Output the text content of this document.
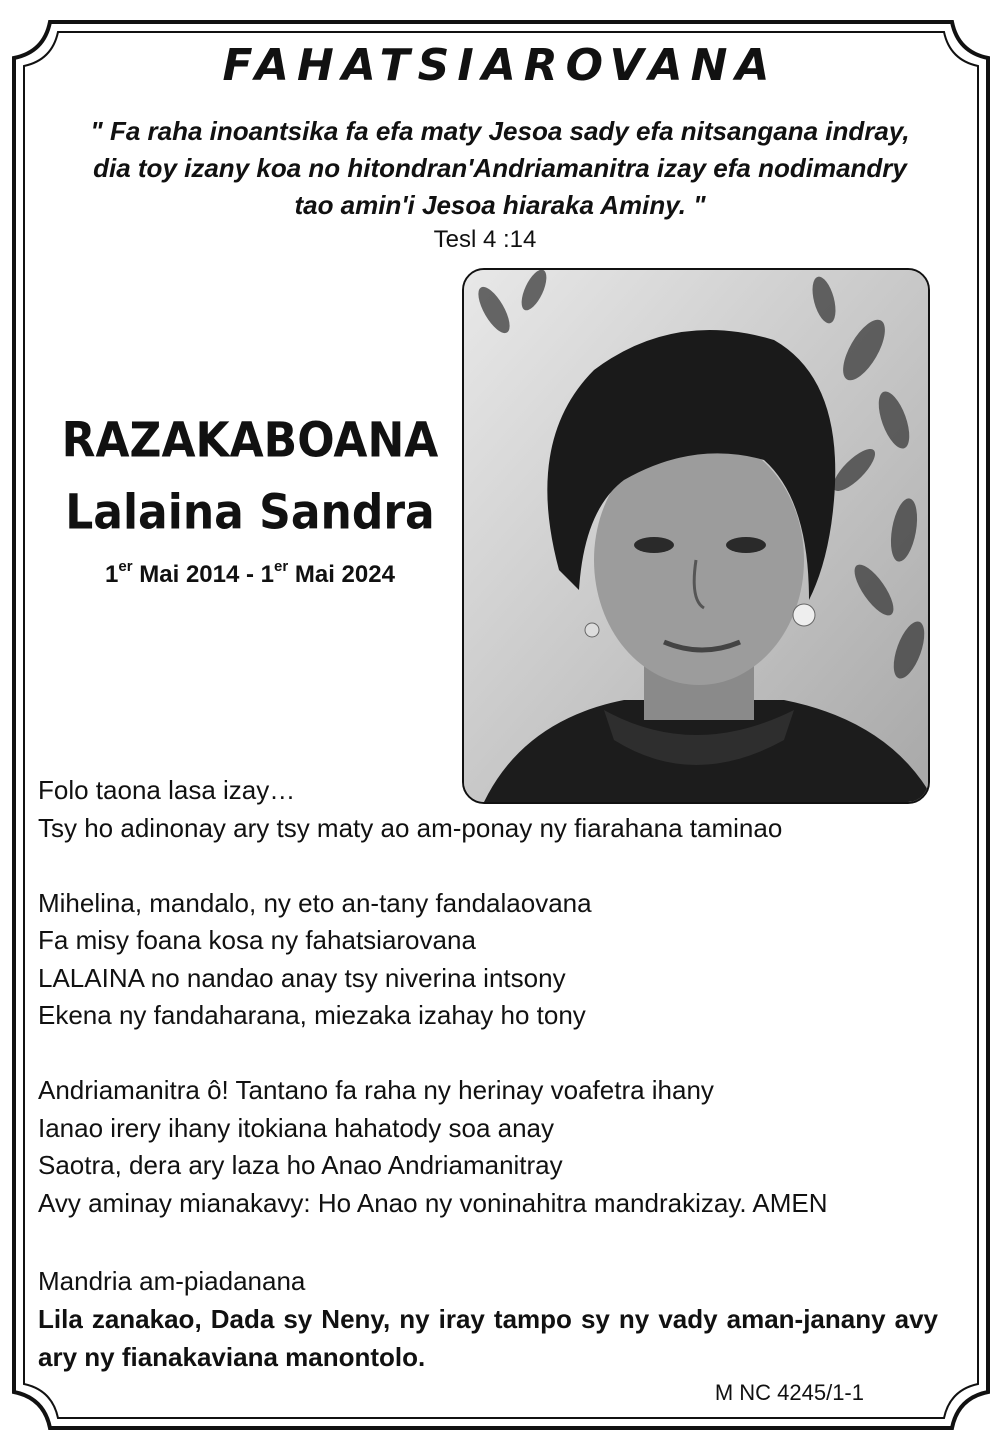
FAHATSIAROVANA
" Fa raha inoantsika fa efa maty Jesoa sady efa nitsangana indray,
dia toy izany koa no hitondran'Andriamanitra izay efa nodimandry
tao amin'i Jesoa hiaraka Aminy. "
Tesl 4 :14
RAZAKABOANA
Lalaina Sandra
1er Mai 2014 - 1er Mai 2024
Folo taona lasa izay…
Tsy ho adinonay ary tsy maty ao am-ponay ny fiarahana taminao
Mihelina, mandalo, ny eto an-tany fandalaovana
Fa misy foana kosa ny fahatsiarovana
LALAINA no nandao anay tsy niverina intsony
Ekena ny fandaharana, miezaka izahay ho tony
Andriamanitra ô! Tantano fa raha ny herinay voafetra ihany
Ianao irery ihany itokiana hahatody soa anay
Saotra, dera ary laza ho Anao Andriamanitray
Avy aminay mianakavy: Ho Anao ny voninahitra mandrakizay. AMEN
Mandria am-piadanana
Lila zanakao, Dada sy Neny, ny iray tampo sy ny vady aman-janany avy ary ny fianakaviana manontolo.
M NC 4245/1-1
